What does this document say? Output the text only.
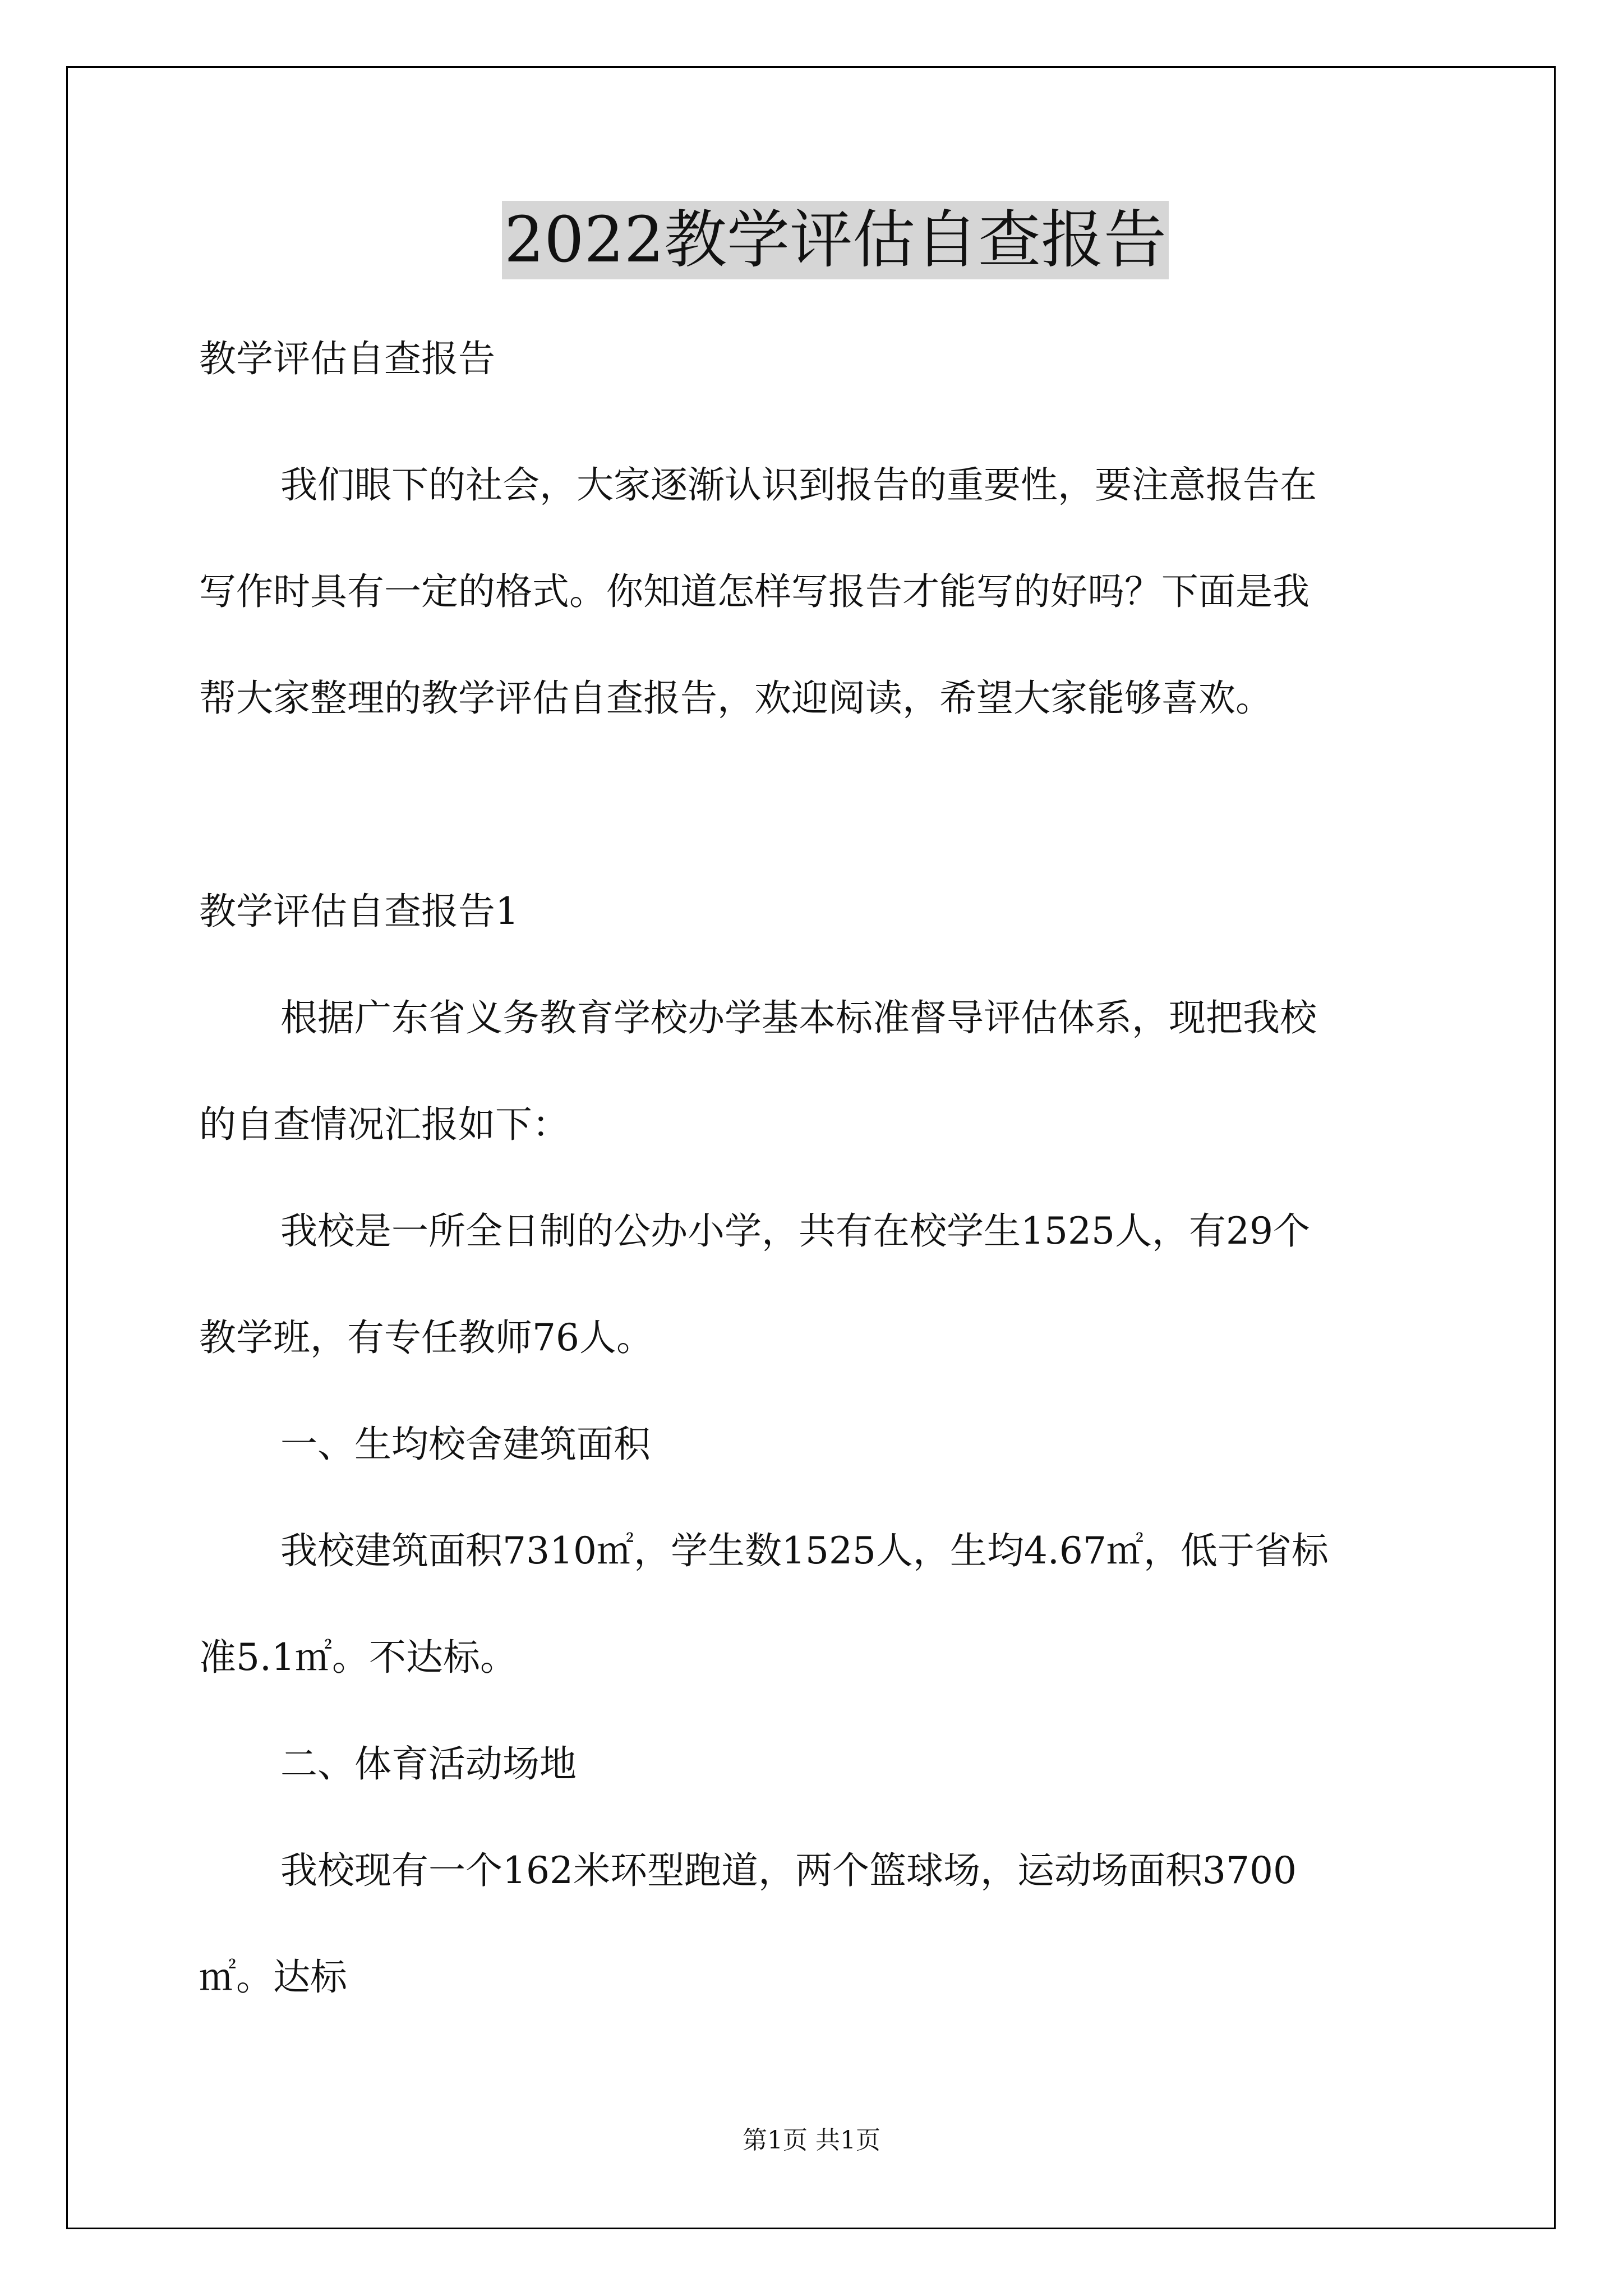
2022教学评估自查报告
教学评估自查报告
我们眼下的社会，大家逐渐认识到报告的重要性，要注意报告在
写作时具有一定的格式。你知道怎样写报告才能写的好吗？下面是我
帮大家整理的教学评估自查报告，欢迎阅读，希望大家能够喜欢。
教学评估自查报告1
根据广东省义务教育学校办学基本标准督导评估体系，现把我校
的自查情况汇报如下：
我校是一所全日制的公办小学，共有在校学生1525人，有29个
教学班，有专任教师76人。
一、生均校舍建筑面积
我校建筑面积7310㎡，学生数1525人，生均4.67㎡，低于省标
准5.1㎡。不达标。
二、体育活动场地
我校现有一个162米环型跑道，两个篮球场，运动场面积3700
㎡。达标
第1页 共1页
